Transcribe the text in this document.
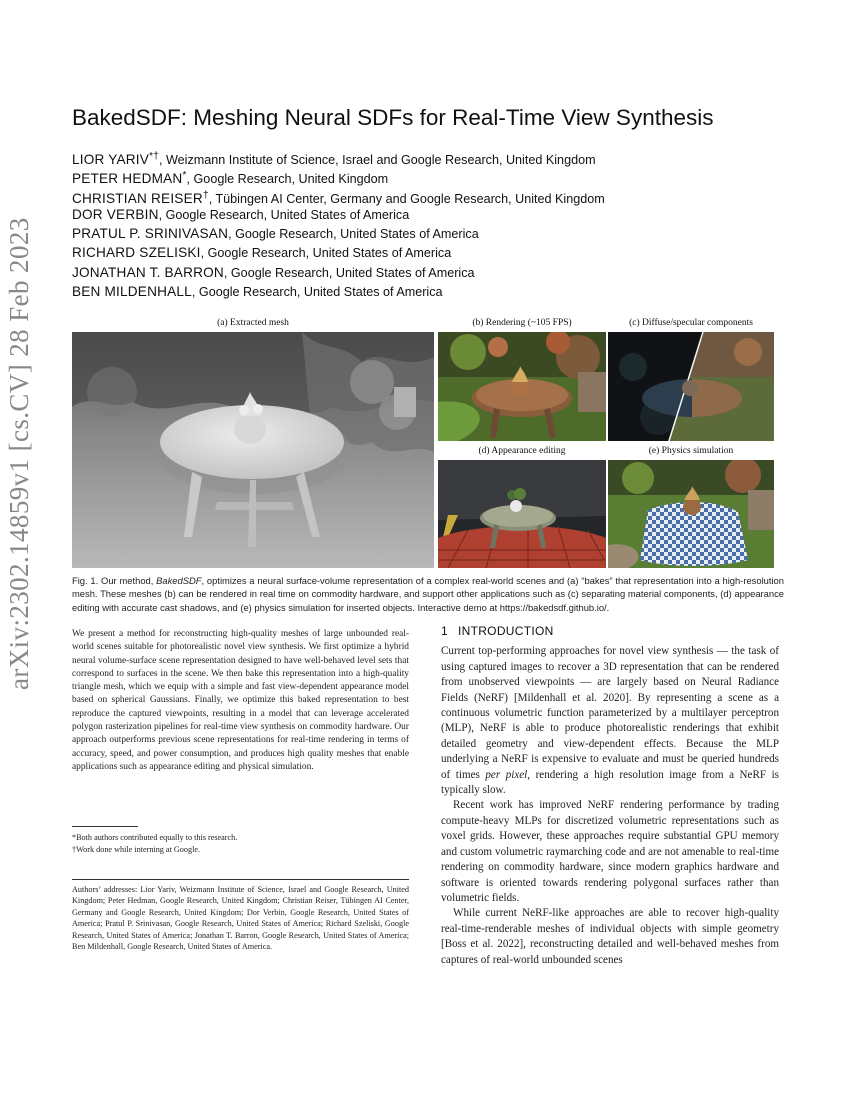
arXiv:2302.14859v1 [cs.CV] 28 Feb 2023
BakedSDF: Meshing Neural SDFs for Real-Time View Synthesis
LIOR YARIV*†, Weizmann Institute of Science, Israel and Google Research, United Kingdom
PETER HEDMAN*, Google Research, United Kingdom
CHRISTIAN REISER†, Tübingen AI Center, Germany and Google Research, United Kingdom
DOR VERBIN, Google Research, United States of America
PRATUL P. SRINIVASAN, Google Research, United States of America
RICHARD SZELISKI, Google Research, United States of America
JONATHAN T. BARRON, Google Research, United States of America
BEN MILDENHALL, Google Research, United States of America
(a) Extracted mesh	(b) Rendering (~105 FPS)	(c) Diffuse/specular components
(d) Appearance editing	(e) Physics simulation
Fig. 1. Our method, BakedSDF, optimizes a neural surface-volume representation of a complex real-world scenes and (a) “bakes” that representation into a high-resolution mesh. These meshes (b) can be rendered in real time on commodity hardware, and support other applications such as (c) separating material components, (d) appearance editing with accurate cast shadows, and (e) physics simulation for inserted objects. Interactive demo at https://bakedsdf.github.io/.
We present a method for reconstructing high-quality meshes of large unbounded real-world scenes suitable for photorealistic novel view synthesis. We first optimize a hybrid neural volume-surface scene representation designed to have well-behaved level sets that correspond to surfaces in the scene. We then bake this representation into a high-quality triangle mesh, which we equip with a simple and fast view-dependent appearance model based on spherical Gaussians. Finally, we optimize this baked representation to best reproduce the captured viewpoints, resulting in a model that can leverage accelerated polygon rasterization pipelines for real-time view synthesis on commodity hardware. Our approach outperforms previous scene representations for real-time rendering in terms of accuracy, speed, and power consumption, and produces high quality meshes that enable applications such as appearance editing and physical simulation.
*Both authors contributed equally to this research.
†Work done while interning at Google.
Authors’ addresses: Lior Yariv, Weizmann Institute of Science, Israel and Google Research, United Kingdom; Peter Hedman, Google Research, United Kingdom; Christian Reiser, Tübingen AI Center, Germany and Google Research, United Kingdom; Dor Verbin, Google Research, United States of America; Pratul P. Srinivasan, Google Research, United States of America; Richard Szeliski, Google Research, United States of America; Jonathan T. Barron, Google Research, United States of America; Ben Mildenhall, Google Research, United States of America.
1 INTRODUCTION

Current top-performing approaches for novel view synthesis — the task of using captured images to recover a 3D representation that can be rendered from unobserved viewpoints — are largely based on Neural Radiance Fields (NeRF) [Mildenhall et al. 2020]. By representing a scene as a continuous volumetric function parameterized by a multilayer perceptron (MLP), NeRF is able to produce photorealistic renderings that exhibit detailed geometry and view-dependent effects. Because the MLP underlying a NeRF is expensive to evaluate and must be queried hundreds of times per pixel, rendering a high resolution image from a NeRF is typically slow.

Recent work has improved NeRF rendering performance by trading compute-heavy MLPs for discretized volumetric representations such as voxel grids. However, these approaches require substantial GPU memory and custom volumetric raymarching code and are not amenable to real-time rendering on commodity hardware, since modern graphics hardware and software is oriented towards rendering polygonal surfaces rather than volumetric fields.

While current NeRF-like approaches are able to recover high-quality real-time-renderable meshes of individual objects with simple geometry [Boss et al. 2022], reconstructing detailed and well-behaved meshes from captures of real-world unbounded scenes
